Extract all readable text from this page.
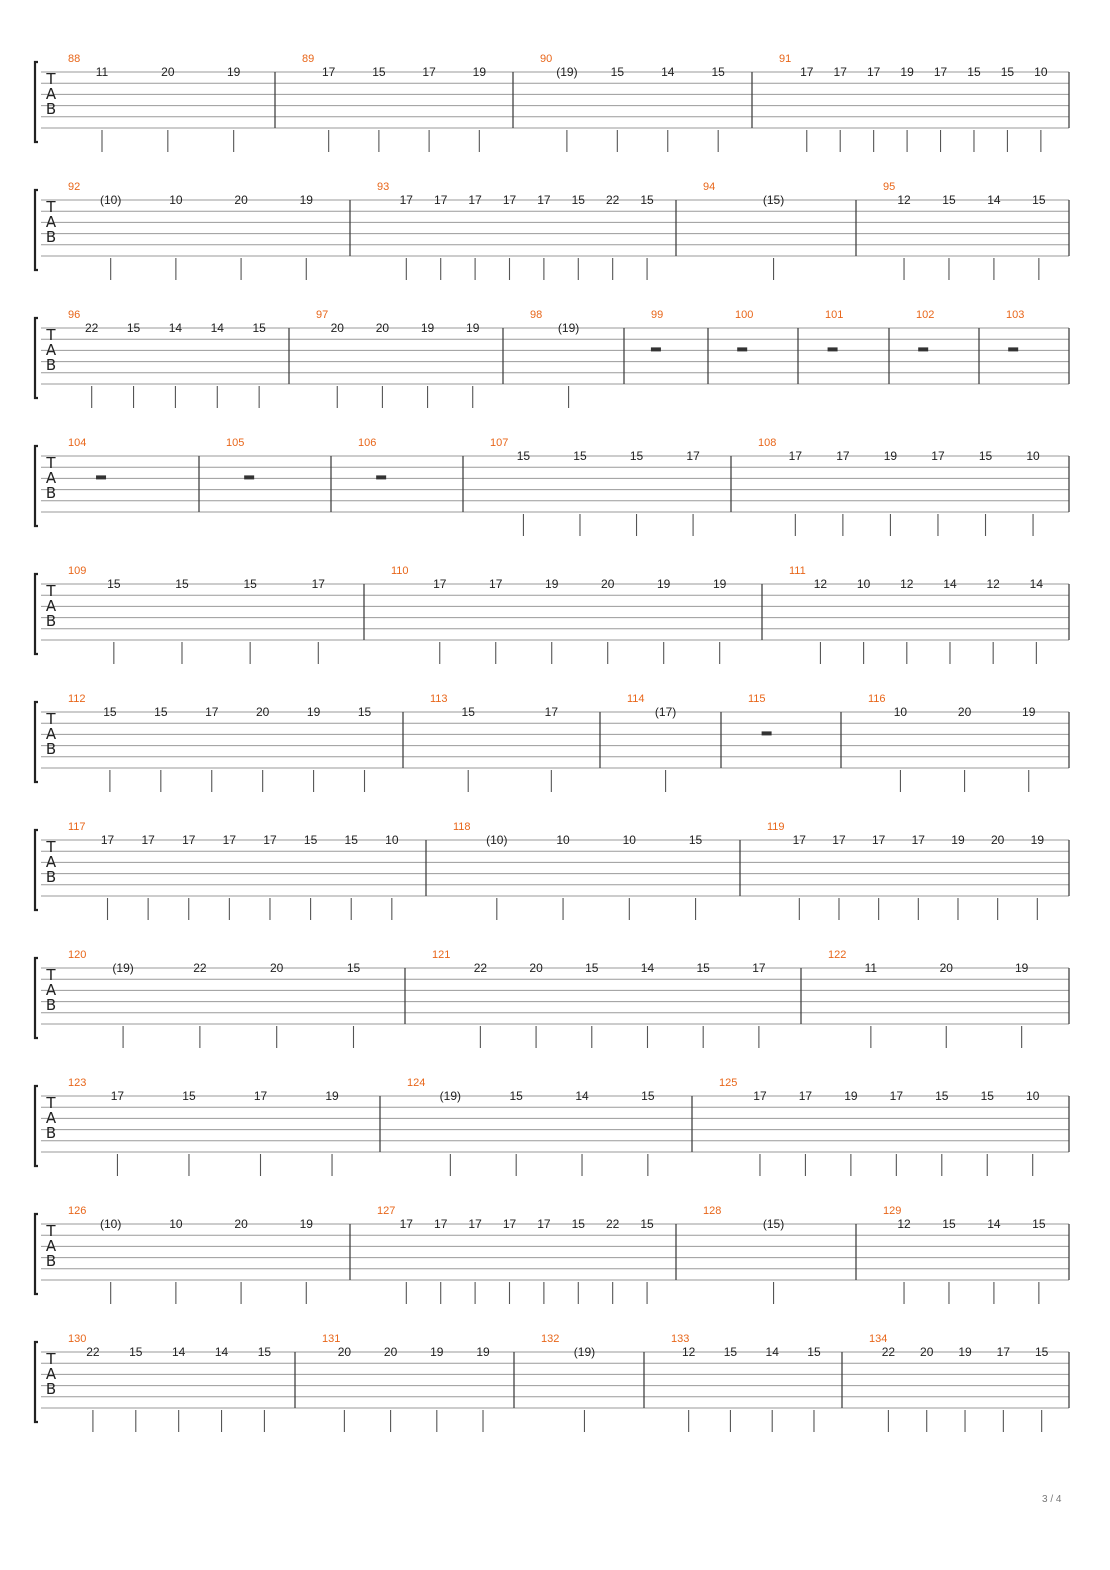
T
A
B
88
11	20	19
89
17	15	17	19
90
(19)	15	14	15
91
17 17 17 19 17 15 15 10
T
A
B
92
(10)	10	20	19
93
17 17 17 17 17 15 22 15
94
(15)
95
12	15	14	15
T
A
B
96
22 15 14 14 15
97
20	20	19	19
98
(19)
99	100	101	102	103
T
A
B
104	105	106	107
15	15	15	17
108
17	17	19	17	15	10
T
A
B
109
15	15	15	17
110
17	17	19	20	19	19
111
12 10 12 14 12 14
T
A
B
112
15	15	17	20	19	15
113
15	17
114
(17)
115	116
10	20	19
T
A
B
117
17 17 17 17 17 15 15 10
118
(10)	10	10	15
119
17 17 17 17 19 20 19
T
A
B
120
(19)	22	20	15
121
22	20	15	14	15	17
122
11	20	19
T
A
B
123
17	15	17	19
124
(19)	15	14	15
125
17	17	19	17	15	15	10
T
A
B
126
(10)	10	20	19
127
17 17 17 17 17 15 22 15
128
(15)
129
12	15	14	15
T
A
B
130
22 15 14 14 15
131
20	20	19	19
132
(19)
133
12 15 14 15
134
22 20 19 17 15
3 / 4
